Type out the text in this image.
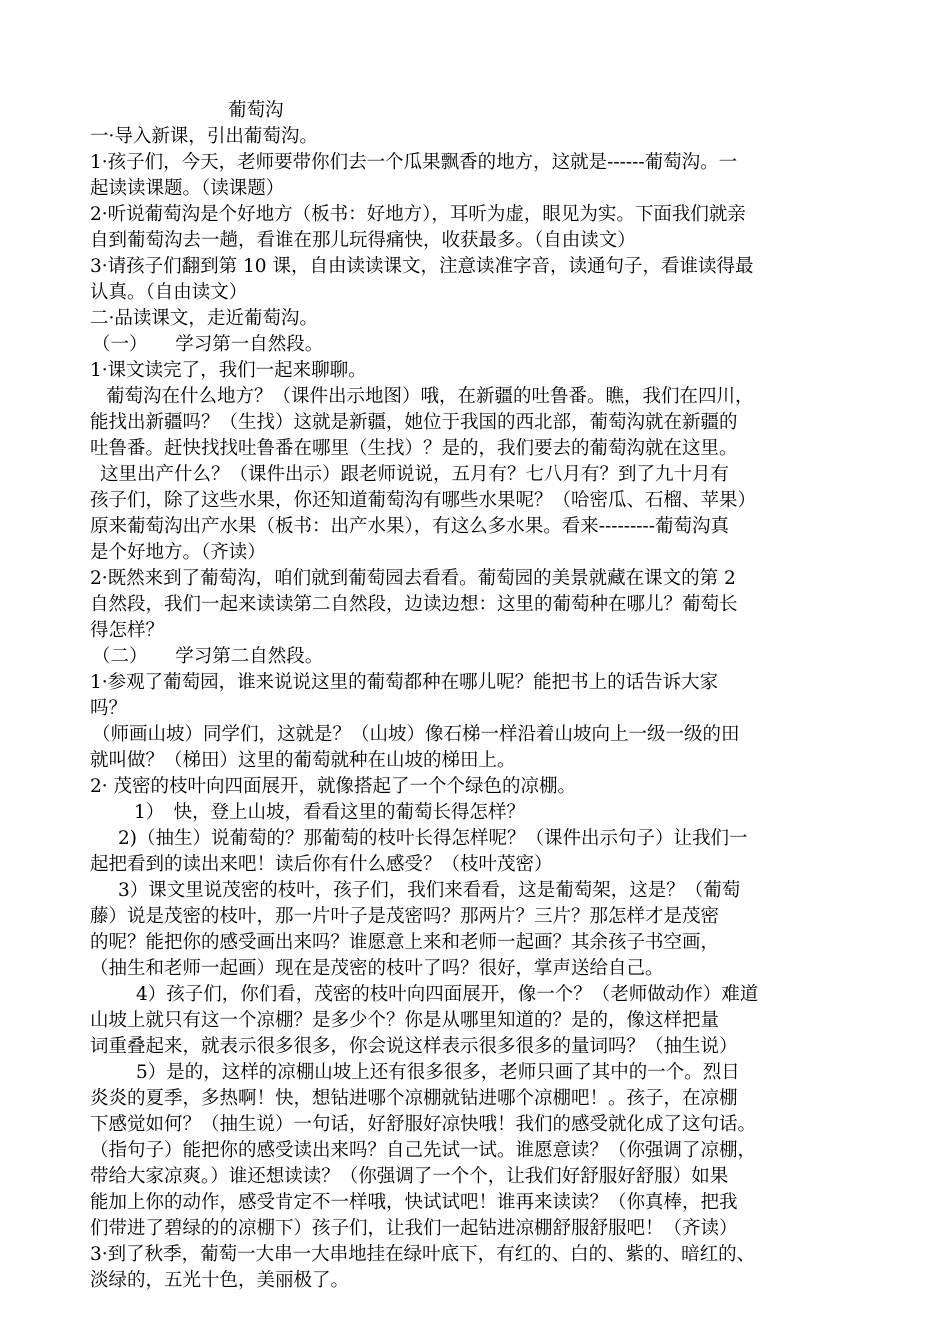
葡萄沟
一·导入新课，引出葡萄沟。
1·孩子们，今天，老师要带你们去一个瓜果飘香的地方，这就是------葡萄沟。一
起读读课题。（读课题）
2·听说葡萄沟是个好地方（板书：好地方），耳听为虚，眼见为实。下面我们就亲
自到葡萄沟去一趟，看谁在那儿玩得痛快，收获最多。（自由读文）
3·请孩子们翻到第 10 课，自由读读课文，注意读准字音，读通句子，看谁读得最
认真。（自由读文）
二·品读课文，走近葡萄沟。
（一）　　学习第一自然段。
1·课文读完了，我们一起来聊聊。
葡萄沟在什么地方？（课件出示地图）哦，在新疆的吐鲁番。瞧，我们在四川，
能找出新疆吗？（生找）这就是新疆，她位于我国的西北部，葡萄沟就在新疆的
吐鲁番。赶快找找吐鲁番在哪里（生找）？是的，我们要去的葡萄沟就在这里。
这里出产什么？（课件出示）跟老师说说，五月有？七八月有？到了九十月有
孩子们，除了这些水果，你还知道葡萄沟有哪些水果呢？（哈密瓜、石榴、苹果）
原来葡萄沟出产水果（板书：出产水果），有这么多水果。看来---------葡萄沟真
是个好地方。（齐读）
2·既然来到了葡萄沟，咱们就到葡萄园去看看。葡萄园的美景就藏在课文的第 2
自然段，我们一起来读读第二自然段，边读边想：这里的葡萄种在哪儿？葡萄长
得怎样？
（二）　　学习第二自然段。
1·参观了葡萄园，谁来说说这里的葡萄都种在哪儿呢？能把书上的话告诉大家
吗？
（师画山坡）同学们，这就是？（山坡）像石梯一样沿着山坡向上一级一级的田
就叫做？（梯田）这里的葡萄就种在山坡的梯田上。
2· 茂密的枝叶向四面展开，就像搭起了一个个绿色的凉棚。
1）　快，登上山坡，看看这里的葡萄长得怎样？
2)（抽生）说葡萄的？那葡萄的枝叶长得怎样呢？（课件出示句子）让我们一
起把看到的读出来吧！读后你有什么感受？（枝叶茂密）
3）课文里说茂密的枝叶，孩子们，我们来看看，这是葡萄架，这是？（葡萄
藤）说是茂密的枝叶，那一片叶子是茂密吗？那两片？三片？那怎样才是茂密
的呢？能把你的感受画出来吗？谁愿意上来和老师一起画？其余孩子书空画，
（抽生和老师一起画）现在是茂密的枝叶了吗？很好，掌声送给自己。
4）孩子们，你们看，茂密的枝叶向四面展开，像一个？（老师做动作）难道
山坡上就只有这一个凉棚？是多少个？你是从哪里知道的？是的，像这样把量
词重叠起来，就表示很多很多，你会说这样表示很多很多的量词吗？（抽生说）
5）是的，这样的凉棚山坡上还有很多很多，老师只画了其中的一个。烈日
炎炎的夏季，多热啊！快，想钻进哪个凉棚就钻进哪个凉棚吧！。孩子，在凉棚
下感觉如何？（抽生说）一句话，好舒服好凉快哦！我们的感受就化成了这句话。
（指句子）能把你的感受读出来吗？自己先试一试。谁愿意读？（你强调了凉棚，
带给大家凉爽。）谁还想读读？（你强调了一个个，让我们好舒服好舒服）如果
能加上你的动作，感受肯定不一样哦，快试试吧！谁再来读读？（你真棒，把我
们带进了碧绿的的凉棚下）孩子们，让我们一起钻进凉棚舒服舒服吧！（齐读）
3·到了秋季，葡萄一大串一大串地挂在绿叶底下，有红的、白的、紫的、暗红的、
淡绿的，五光十色，美丽极了。
